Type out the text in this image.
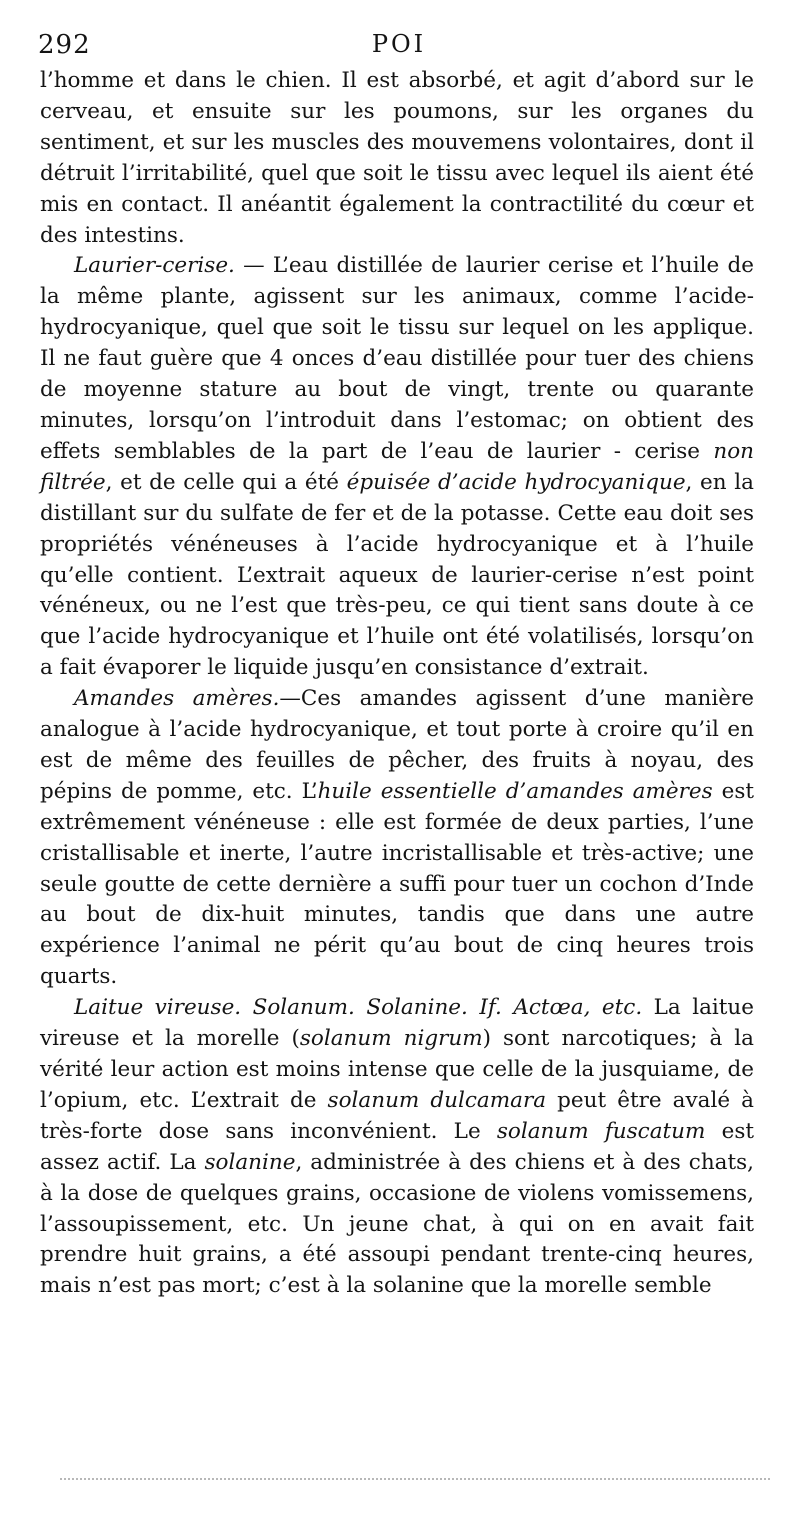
292	POI

l’homme et dans le chien. Il est absorbé, et agit d’abord sur le cerveau, et ensuite sur les poumons, sur les organes du sentiment, et sur les muscles des mouvemens volontaires, dont il détruit l’irritabilité, quel que soit le tissu avec lequel ils aient été mis en contact. Il anéantit également la contractilité du cœur et des intestins.

Laurier-cerise. — L’eau distillée de laurier cerise et l’huile de la même plante, agissent sur les animaux, comme l’acide-hydrocyanique, quel que soit le tissu sur lequel on les applique. Il ne faut guère que 4 onces d’eau distillée pour tuer des chiens de moyenne stature au bout de vingt, trente ou quarante minutes, lorsqu’on l’introduit dans l’estomac; on obtient des effets semblables de la part de l’eau de laurier - cerise non filtrée, et de celle qui a été épuisée d’acide hydrocyanique, en la distillant sur du sulfate de fer et de la potasse. Cette eau doit ses propriétés vénéneuses à l’acide hydrocyanique et à l’huile qu’elle contient. L’extrait aqueux de laurier-cerise n’est point vénéneux, ou ne l’est que très-peu, ce qui tient sans doute à ce que l’acide hydrocyanique et l’huile ont été volatilisés, lorsqu’on a fait évaporer le liquide jusqu’en consistance d’extrait.

Amandes amères.—Ces amandes agissent d’une manière analogue à l’acide hydrocyanique, et tout porte à croire qu’il en est de même des feuilles de pêcher, des fruits à noyau, des pépins de pomme, etc. L’huile essentielle d’amandes amères est extrêmement vénéneuse : elle est formée de deux parties, l’une cristallisable et inerte, l’autre incristallisable et très-active; une seule goutte de cette dernière a suffi pour tuer un cochon d’Inde au bout de dix-huit minutes, tandis que dans une autre expérience l’animal ne périt qu’au bout de cinq heures trois quarts.

Laitue vireuse. Solanum. Solanine. If. Actœa, etc. La laitue vireuse et la morelle (solanum nigrum) sont narcotiques; à la vérité leur action est moins intense que celle de la jusquiame, de l’opium, etc. L’extrait de solanum dulcamara peut être avalé à très-forte dose sans inconvénient. Le solanum fuscatum est assez actif. La solanine, administrée à des chiens et à des chats, à la dose de quelques grains, occasione de violens vomissemens, l’assoupissement, etc. Un jeune chat, à qui on en avait fait prendre huit grains, a été assoupi pendant trente-cinq heures, mais n’est pas mort; c’est à la solanine que la morelle semble
